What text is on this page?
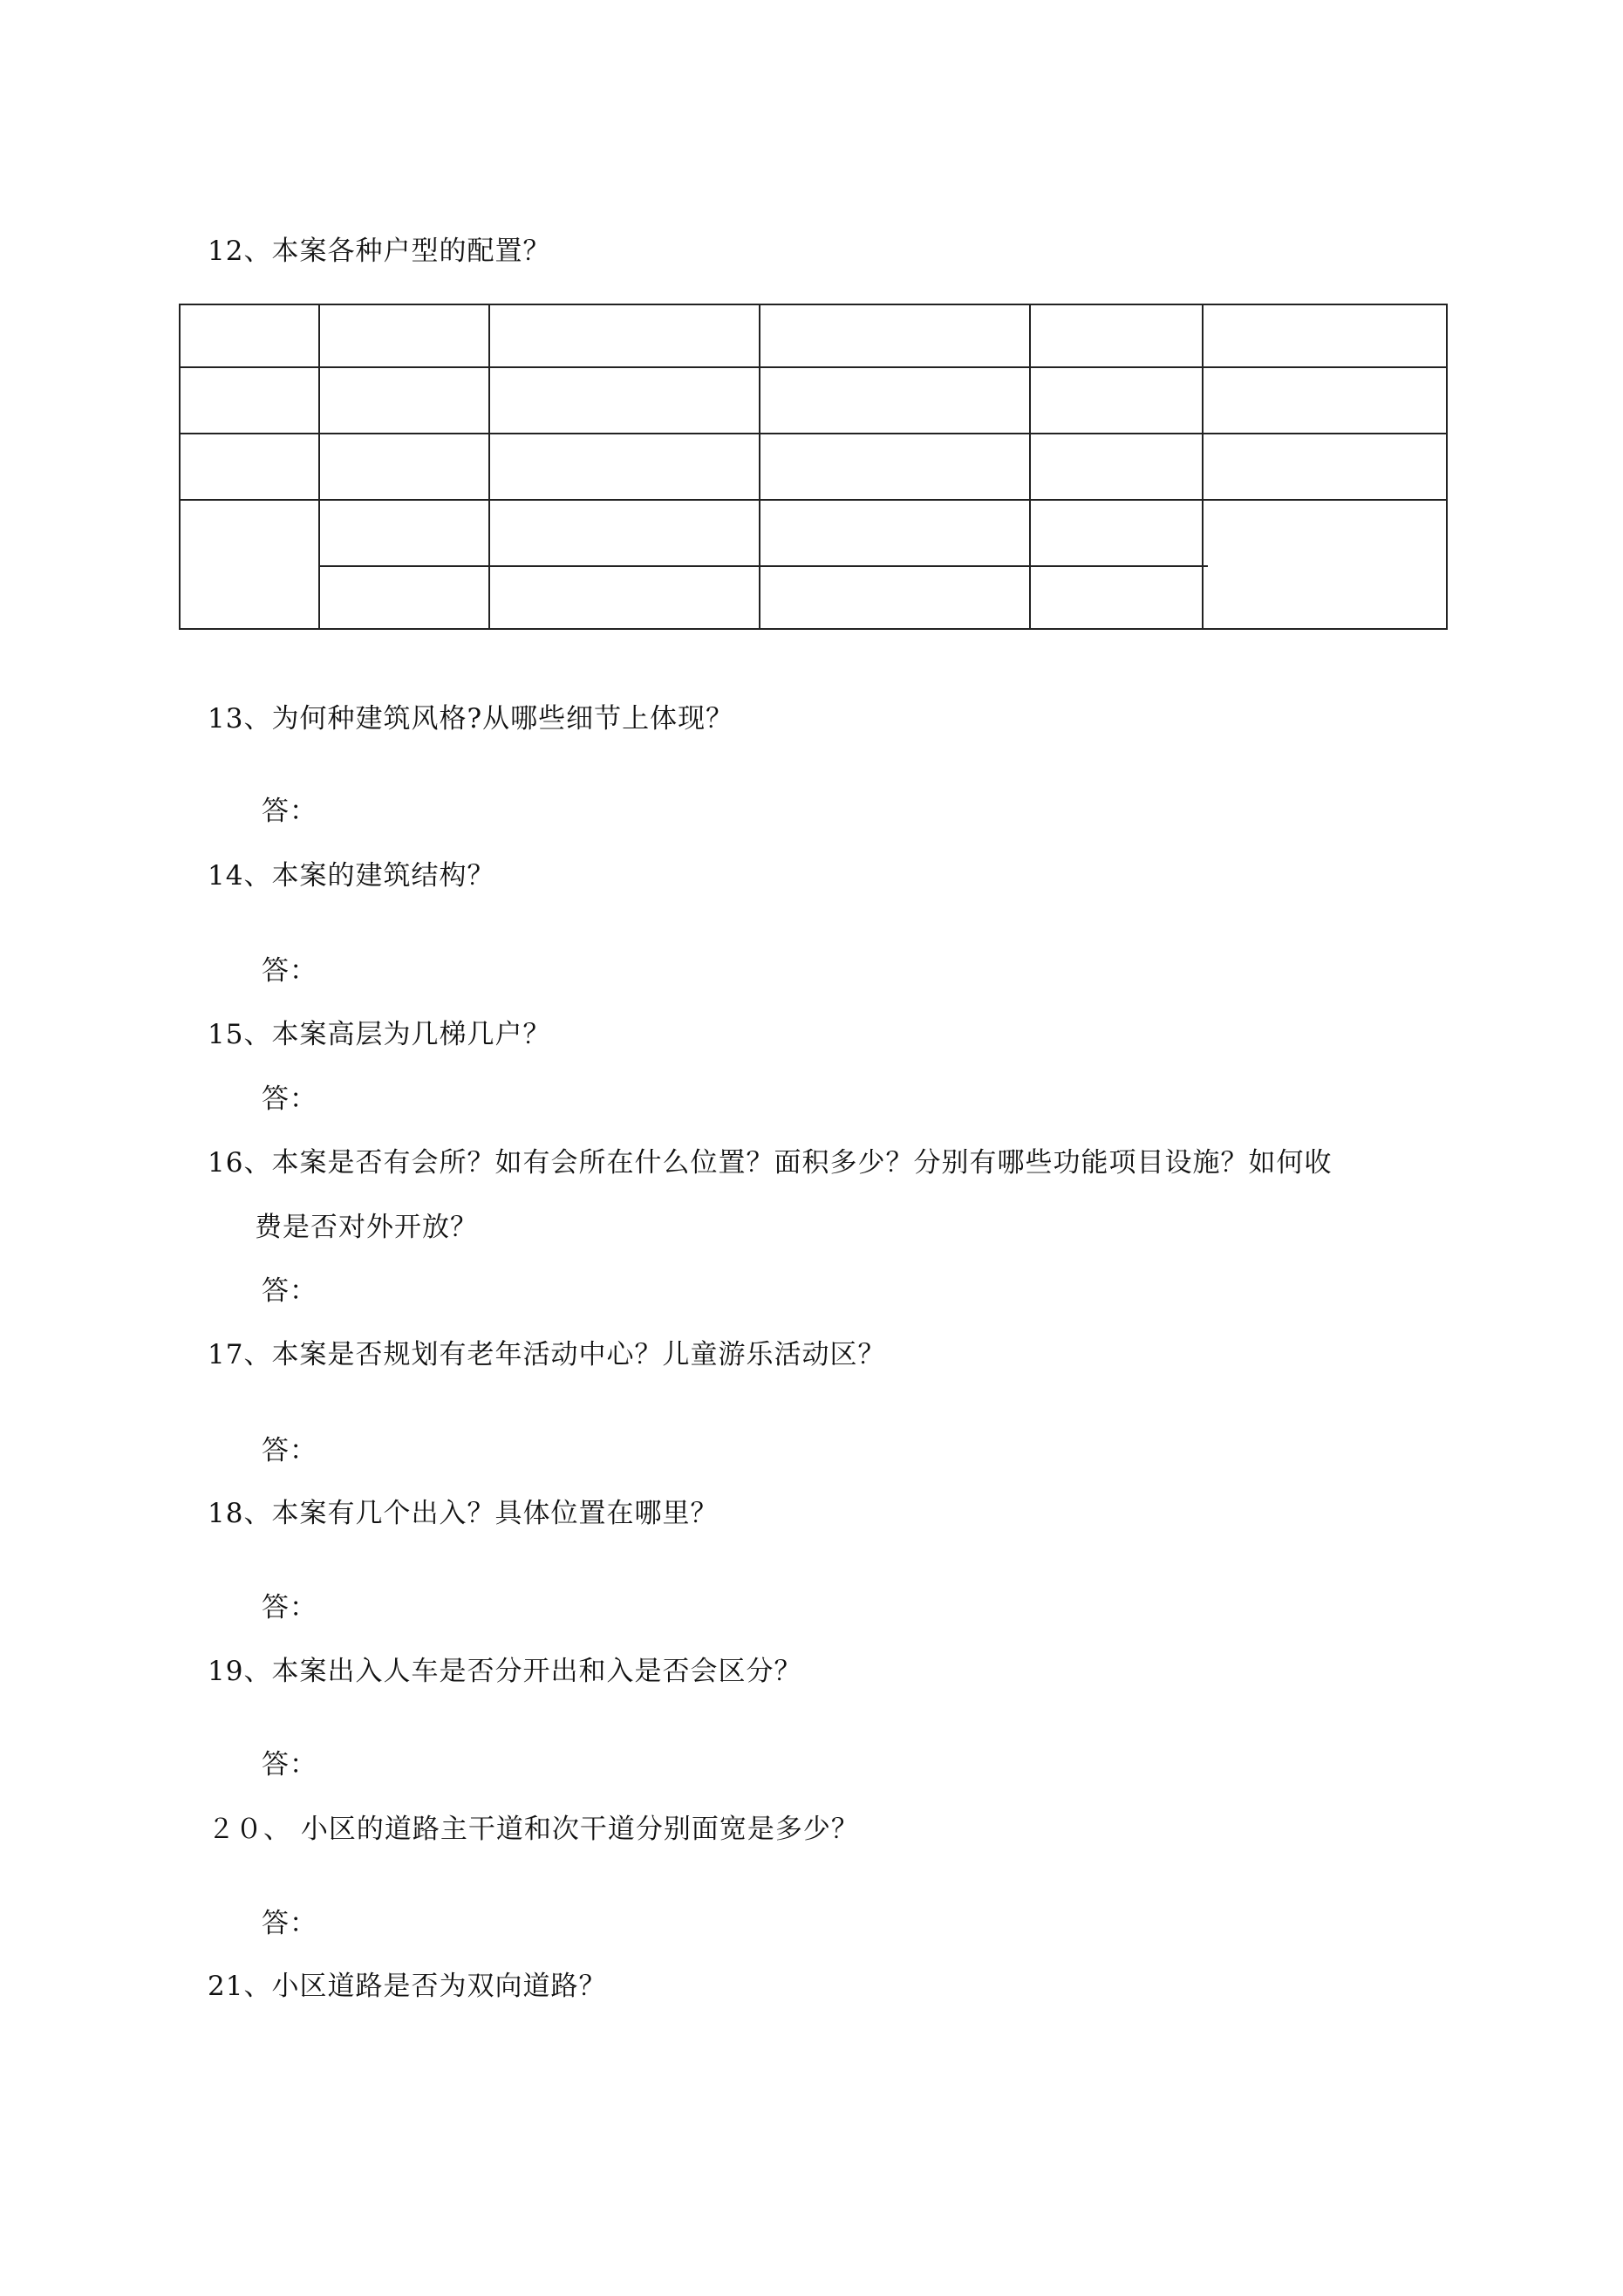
12、本案各种户型的配置？
13、为何种建筑风格?从哪些细节上体现？
答：
14、本案的建筑结构？
答：
15、本案高层为几梯几户？
答：
16、本案是否有会所？如有会所在什么位置？面积多少？分别有哪些功能项目设施？如何收
费是否对外开放？
答：
17、本案是否规划有老年活动中心？儿童游乐活动区？
答：
18、本案有几个出入？具体位置在哪里？
答：
19、本案出入人车是否分开出和入是否会区分？
答：
２０、 小区的道路主干道和次干道分别面宽是多少？
答：
21、小区道路是否为双向道路？
